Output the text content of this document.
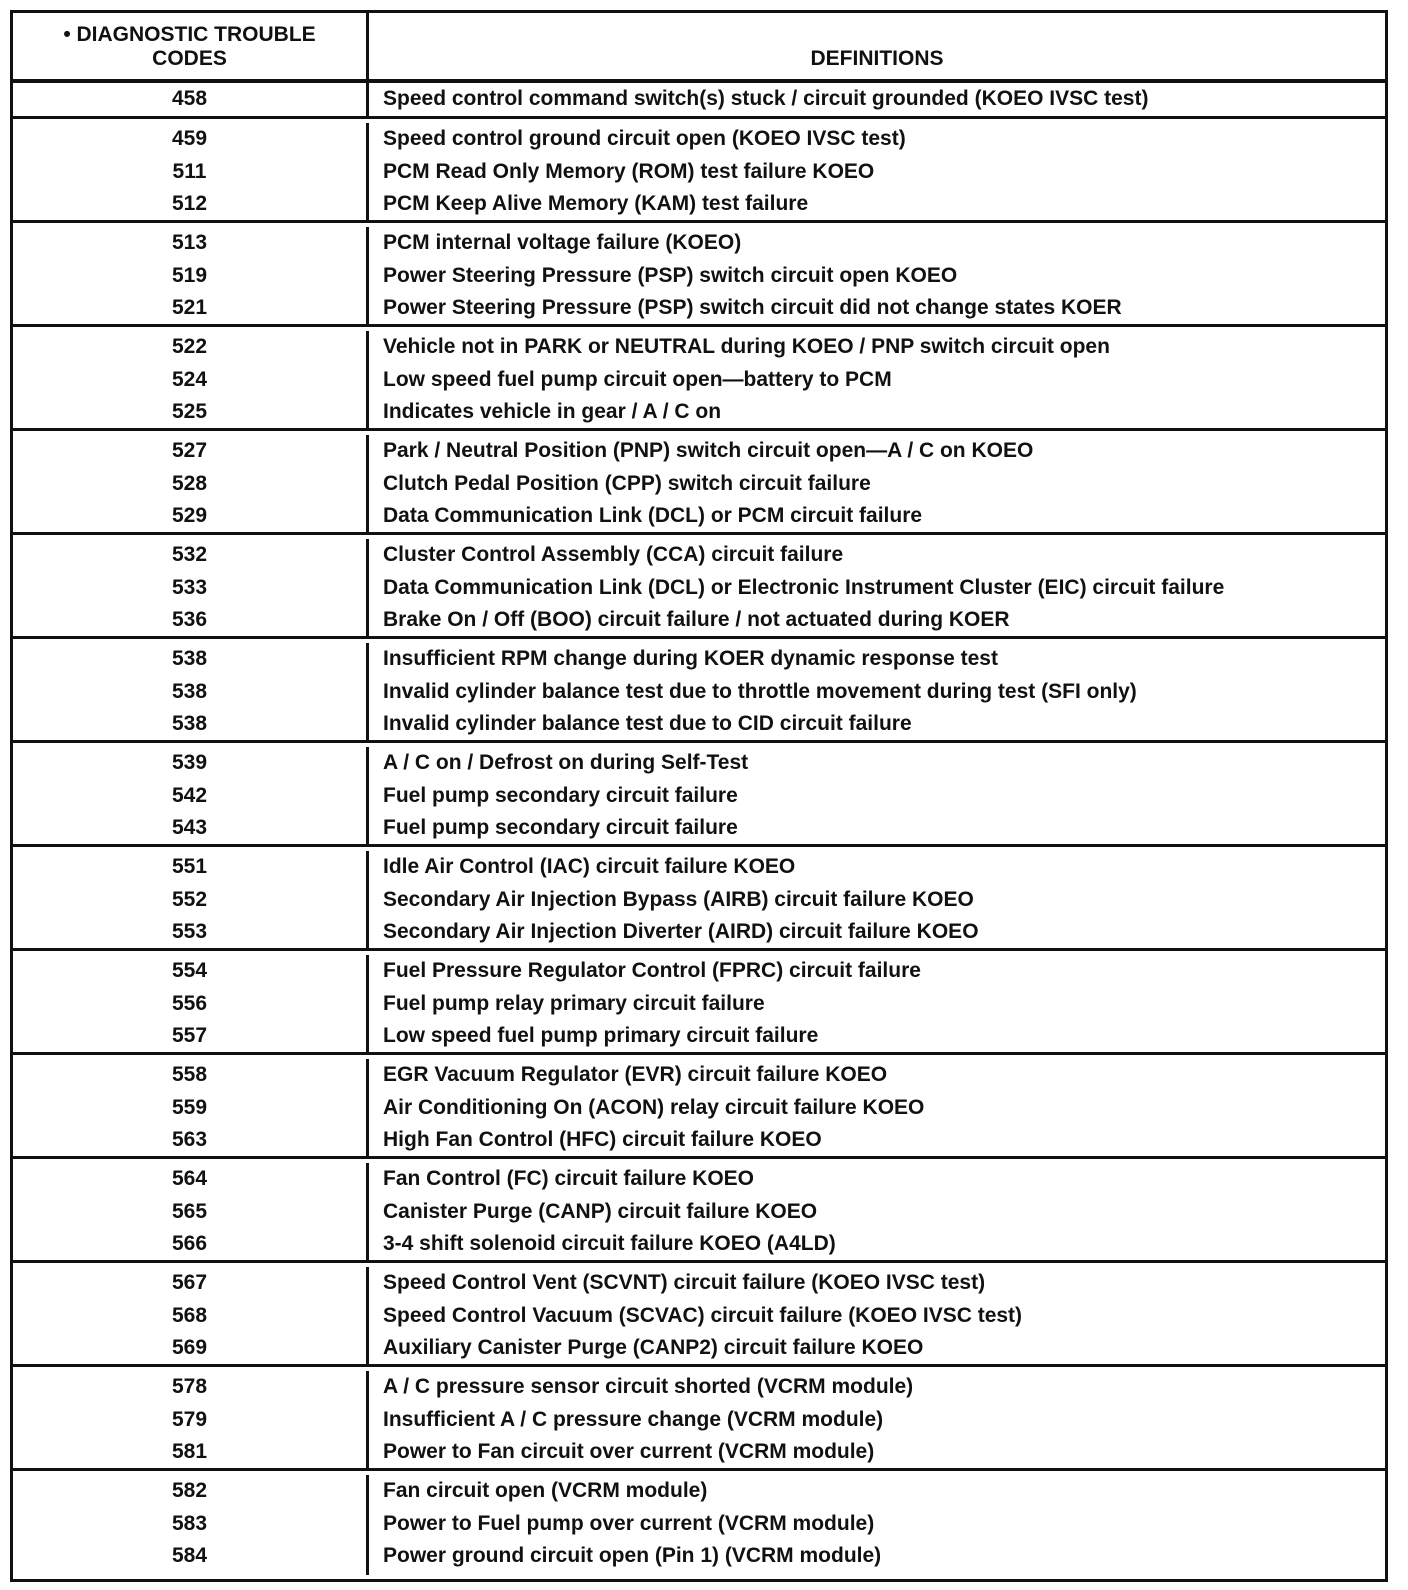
• DIAGNOSTIC TROUBLE
CODES	DEFINITIONS
458	Speed control command switch(s) stuck / circuit grounded (KOEO IVSC test)
459
511
512
Speed control ground circuit open (KOEO IVSC test)
PCM Read Only Memory (ROM) test failure KOEO
PCM Keep Alive Memory (KAM) test failure
513
519
521
PCM internal voltage failure (KOEO)
Power Steering Pressure (PSP) switch circuit open KOEO
Power Steering Pressure (PSP) switch circuit did not change states KOER
522
524
525
Vehicle not in PARK or NEUTRAL during KOEO / PNP switch circuit open
Low speed fuel pump circuit open—battery to PCM
Indicates vehicle in gear / A / C on
527
528
529
Park / Neutral Position (PNP) switch circuit open—A / C on KOEO
Clutch Pedal Position (CPP) switch circuit failure
Data Communication Link (DCL) or PCM circuit failure
532
533
536
Cluster Control Assembly (CCA) circuit failure
Data Communication Link (DCL) or Electronic Instrument Cluster (EIC) circuit failure
Brake On / Off (BOO) circuit failure / not actuated during KOER
538
538
538
Insufficient RPM change during KOER dynamic response test
Invalid cylinder balance test due to throttle movement during test (SFI only)
Invalid cylinder balance test due to CID circuit failure
539
542
543
A / C on / Defrost on during Self-Test
Fuel pump secondary circuit failure
Fuel pump secondary circuit failure
551
552
553
Idle Air Control (IAC) circuit failure KOEO
Secondary Air Injection Bypass (AIRB) circuit failure KOEO
Secondary Air Injection Diverter (AIRD) circuit failure KOEO
554
556
557
Fuel Pressure Regulator Control (FPRC) circuit failure
Fuel pump relay primary circuit failure
Low speed fuel pump primary circuit failure
558
559
563
EGR Vacuum Regulator (EVR) circuit failure KOEO
Air Conditioning On (ACON) relay circuit failure KOEO
High Fan Control (HFC) circuit failure KOEO
564
565
566
Fan Control (FC) circuit failure KOEO
Canister Purge (CANP) circuit failure KOEO
3-4 shift solenoid circuit failure KOEO (A4LD)
567
568
569
Speed Control Vent (SCVNT) circuit failure (KOEO IVSC test)
Speed Control Vacuum (SCVAC) circuit failure (KOEO IVSC test)
Auxiliary Canister Purge (CANP2) circuit failure KOEO
578
579
581
A / C pressure sensor circuit shorted (VCRM module)
Insufficient A / C pressure change (VCRM module)
Power to Fan circuit over current (VCRM module)
582
583
584
Fan circuit open (VCRM module)
Power to Fuel pump over current (VCRM module)
Power ground circuit open (Pin 1) (VCRM module)
